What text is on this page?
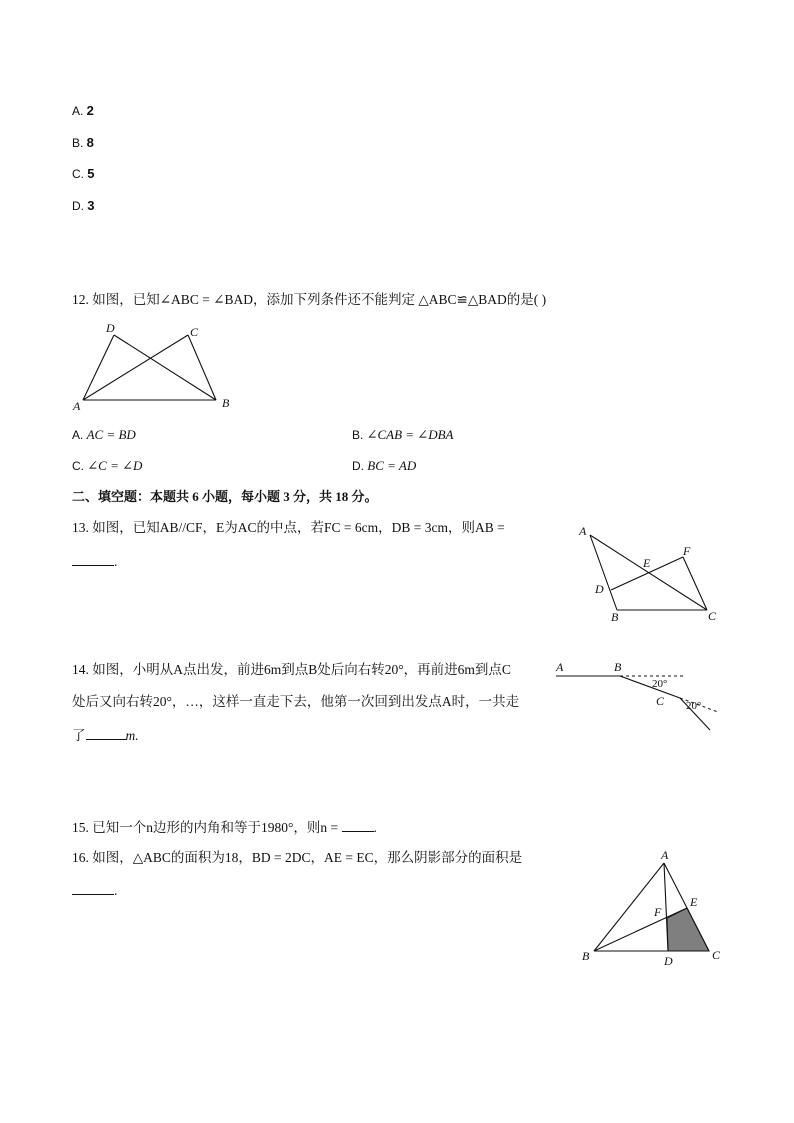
A. 2
B. 8
C. 5
D. 3
12. 如图，已知∠ABC = ∠BAD，添加下列条件还不能判定 △ABC≌△BAD的是( )
D	C
A	B
A. AC = BD	B. ∠CAB = ∠DBA
C. ∠C = ∠D	D. BC = AD
二、填空题：本题共 6 小题，每小题 3 分，共 18 分。
13. 如图，已知AB//CF，E为AC的中点，若FC = 6cm，DB = 3cm，则AB =
.
A
E
F
D
B	C
14. 如图，小明从A点出发，前进6m到点B处后向右转20°，再前进6m到点C
处后又向右转20°，…，这样一直走下去，他第一次回到出发点A时，一共走
了	m.
A	B
C
20°
20°
15. 已知一个n边形的内角和等于1980°，则n =	.
16. 如图，△ABC的面积为18，BD = 2DC，AE = EC，那么阴影部分的面积是
.
A
E
F
B	D	C
